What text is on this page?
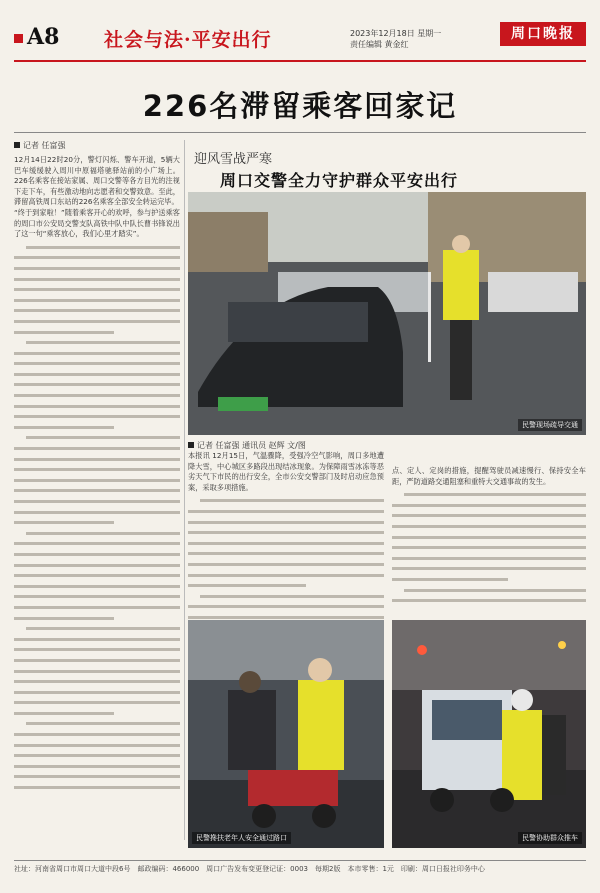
A8 社会与法·平安出行	2023年12月18日 星期一
责任编辑 黄金红
周口晚报
226名滞留乘客回家记
迎风雪战严寒
周口交警全力守护群众平安出行
记者 任富强

12月14日22时20分，警灯闪烁、警车开道，5辆大巴车缓缓驶入周川中原福塔驰驿站前的小广场上。226名乘客在接站家属、周口交警等各方目光的注视下走下车，有些激动地向志愿者和交警致意。至此，滞留高铁周口东站的226名乘客全部安全转运完毕。

“终于到家啦！”随着乘客开心的欢呼，参与护送乘客的周口市公安局交警支队高铁中队中队长曹书锋说出了这一句“乘客放心，我们心里才踏实”。

民警现场疏导交通
记者 任富强 通讯员 赵辉 文/图

本报讯 12月15日，气温骤降，受强冷空气影响，周口多地遭降大雪，中心城区多路段出现结冰现象。为保障雨雪冰冻等恶劣天气下市民的出行安全，全市公安交警部门及时启动应急预案，采取多项措施。

点、定人、定岗的措施，提醒驾驶员减速慢行、保持安全车距，严防道路交通阻塞和重特大交通事故的发生。

民警搀扶老年人安全通过路口	民警协助群众推车
社址：河南省周口市周口大道中段6号　邮政编码：466000　周口广告发布变更登记证：0003　每期2版　本市零售：1元　印刷：周口日报社印务中心
